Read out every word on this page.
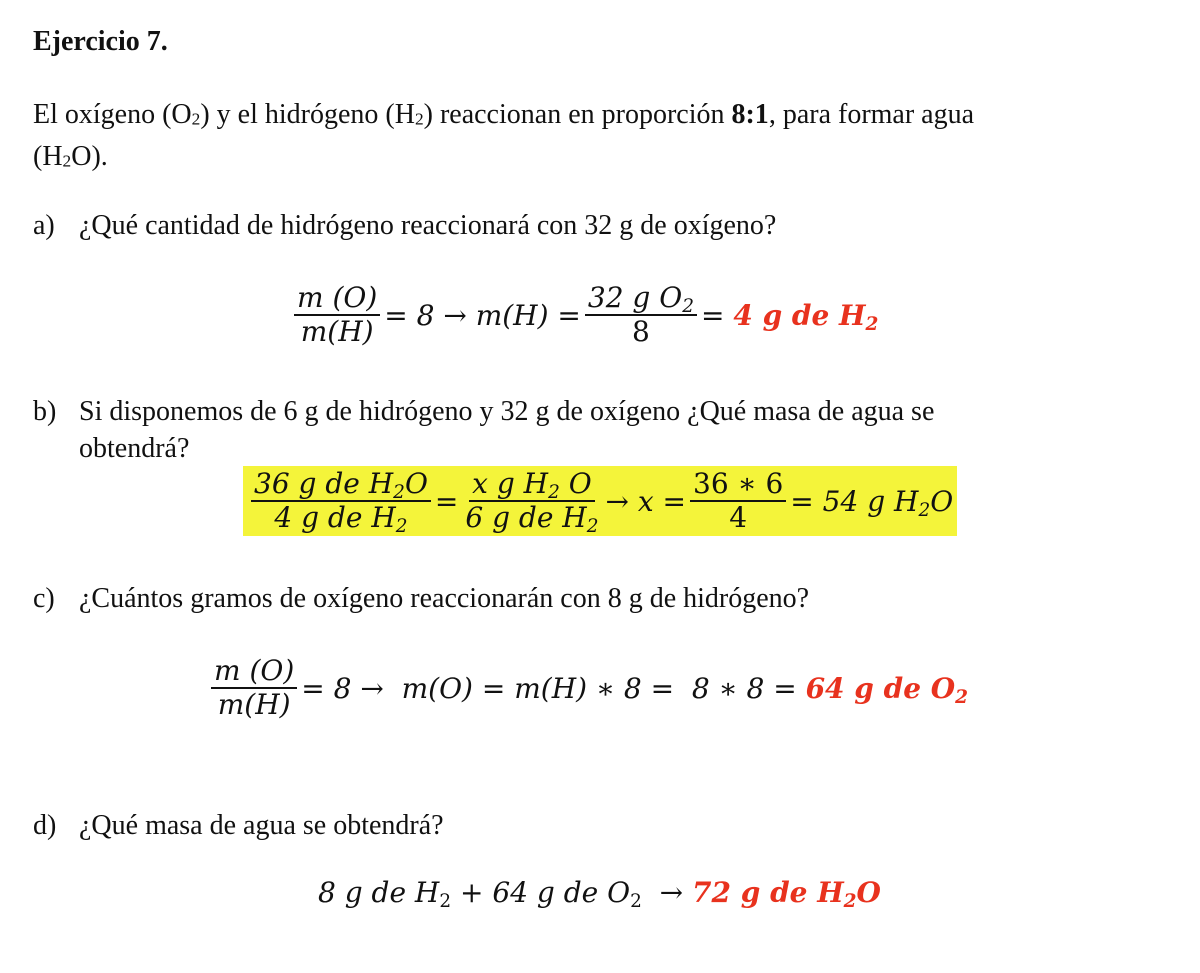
Ejercicio 7.
El oxígeno (O2) y el hidrógeno (H2) reaccionan en proporción 8:1, para formar agua
(H2O).
a) ¿Qué cantidad de hidrógeno reaccionará con 32 g de oxígeno?
$\frac{m (O)}{m(H)} = 8 \to m(H) = \frac{32 g O_2}{8}$ =
4 g de $H_2$
b) Si disponemos de 6 g de hidrógeno y 32 g de oxígeno ¿Qué masa de agua se
obtendrá?
$\frac{36 g de H_2O}{4 g de H_2} = \frac{x g H_2 O}{6 g de H_2} \to x = \frac{36 ∗ 6}{4} = 54$ g $H_2O$
c) ¿Cuántos gramos de oxígeno reaccionarán con 8 g de hidrógeno?
$\frac{m (O)}{m(H)} = 8 \to m(O) = m(H)$ ∗ 8 =  8 ∗ 8 =
64 g de $O_2$
d) ¿Qué masa de agua se obtendrá?
8 g de $H_2 + 64$ g de $O_2 \to 72$ g de $H_2O$
